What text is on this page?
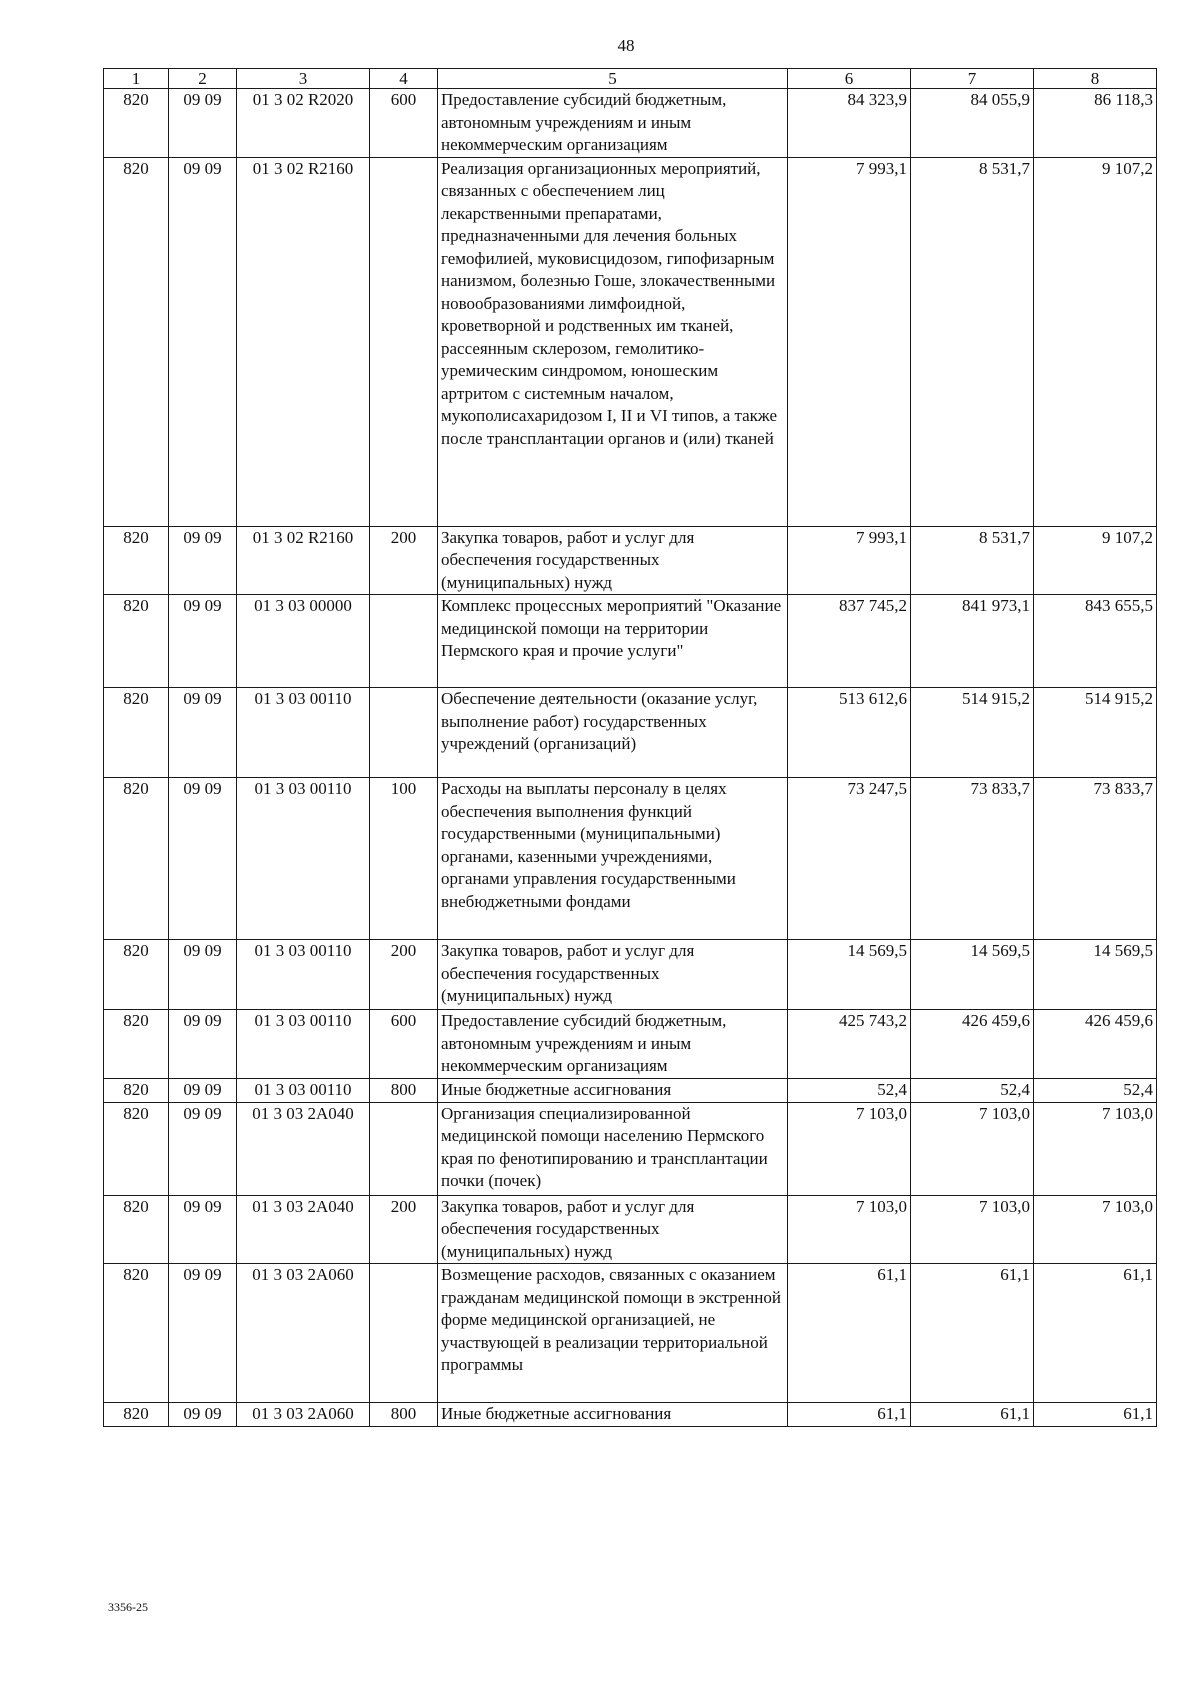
48
1	2	3	4	5	6	7	8
820	09 09	01 3 02 R2020	600	Предоставление субсидий бюджетным, автономным учреждениям и иным некоммерческим организациям	84 323,9	84 055,9	86 118,3
820	09 09	01 3 02 R2160		Реализация организационных мероприятий, связанных с обеспечением лиц лекарственными препаратами, предназначенными для лечения больных гемофилией, муковисцидозом, гипофизарным нанизмом, болезнью Гоше, злокачественными новообразованиями лимфоидной, кроветворной и родственных им тканей, рассеянным склерозом, гемолитико-уремическим синдромом, юношеским артритом с системным началом, мукополисахаридозом I, II и VI типов, а также после трансплантации органов и (или) тканей	7 993,1	8 531,7	9 107,2
820	09 09	01 3 02 R2160	200	Закупка товаров, работ и услуг для обеспечения государственных (муниципальных) нужд	7 993,1	8 531,7	9 107,2
820	09 09	01 3 03 00000		Комплекс процессных мероприятий "Оказание медицинской помощи на территории Пермского края и прочие услуги"	837 745,2	841 973,1	843 655,5
820	09 09	01 3 03 00110		Обеспечение деятельности (оказание услуг, выполнение работ) государственных учреждений (организаций)	513 612,6	514 915,2	514 915,2
820	09 09	01 3 03 00110	100	Расходы на выплаты персоналу в целях обеспечения выполнения функций государственными (муниципальными) органами, казенными учреждениями, органами управления государственными внебюджетными фондами	73 247,5	73 833,7	73 833,7
820	09 09	01 3 03 00110	200	Закупка товаров, работ и услуг для обеспечения государственных (муниципальных) нужд	14 569,5	14 569,5	14 569,5
820	09 09	01 3 03 00110	600	Предоставление субсидий бюджетным, автономным учреждениям и иным некоммерческим организациям	425 743,2	426 459,6	426 459,6
820	09 09	01 3 03 00110	800	Иные бюджетные ассигнования	52,4	52,4	52,4
820	09 09	01 3 03 2А040		Организация специализированной медицинской помощи населению Пермского края по фенотипированию и трансплантации почки (почек)	7 103,0	7 103,0	7 103,0
820	09 09	01 3 03 2А040	200	Закупка товаров, работ и услуг для обеспечения государственных (муниципальных) нужд	7 103,0	7 103,0	7 103,0
820	09 09	01 3 03 2А060		Возмещение расходов, связанных с оказанием гражданам медицинской помощи в экстренной форме медицинской организацией, не участвующей в реализации территориальной программы	61,1	61,1	61,1
820	09 09	01 3 03 2А060	800	Иные бюджетные ассигнования	61,1	61,1	61,1
3356-25
